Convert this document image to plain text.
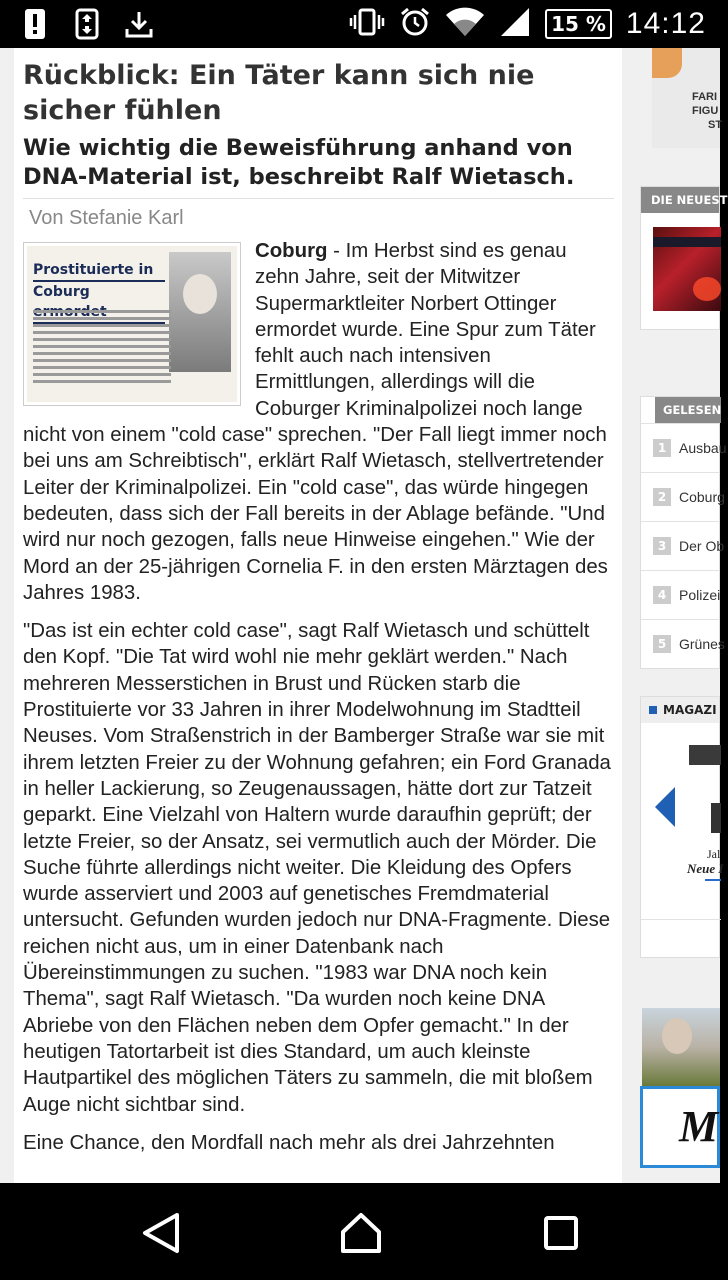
15 % 14:12
Rückblick: Ein Täter kann sich nie sicher fühlen
Wie wichtig die Beweisführung anhand von DNA-Material ist, beschreibt Ralf Wietasch.
Von Stefanie Karl
Prostituierte in
Coburg

Coburg - Im Herbst sind es genau zehn Jahre, seit der Mitwitzer Supermarktleiter Norbert Ottinger ermordet wurde. Eine Spur zum Täter fehlt auch nach intensiven Ermittlungen, allerdings will die Coburger Kriminalpolizei noch lange nicht von einem "cold case" sprechen. "Der Fall liegt immer noch bei uns am Schreibtisch", erklärt Ralf Wietasch, stellvertretender Leiter der Kriminalpolizei. Ein "cold case", das würde hingegen bedeuten, dass sich der Fall bereits in der Ablage befände. "Und wird nur noch gezogen, falls neue Hinweise eingehen." Wie der Mord an der 25-jährigen Cornelia F. in den ersten Märztagen des Jahres 1983.

"Das ist ein echter cold case", sagt Ralf Wietasch und schüttelt den Kopf. "Die Tat wird wohl nie mehr geklärt werden." Nach mehreren Messerstichen in Brust und Rücken starb die Prostituierte vor 33 Jahren in ihrer Modelwohnung im Stadtteil Neuses. Vom Straßenstrich in der Bamberger Straße war sie mit ihrem letzten Freier zu der Wohnung gefahren; ein Ford Granada in heller Lackierung, so Zeugenaussagen, hätte dort zur Tatzeit geparkt. Eine Vielzahl von Haltern wurde daraufhin geprüft; der letzte Freier, so der Ansatz, sei vermutlich auch der Mörder. Die Suche führte allerdings nicht weiter. Die Kleidung des Opfers wurde asserviert und 2003 auf genetisches Fremdmaterial untersucht. Gefunden wurden jedoch nur DNA-Fragmente. Diese reichen nicht aus, um in einer Datenbank nach Übereinstimmungen zu suchen. "1983 war DNA noch kein Thema", sagt Ralf Wietasch. "Da wurden noch keine DNA Abriebe von den Flächen neben dem Opfer gemacht." In der heutigen Tatortarbeit ist dies Standard, um auch kleinste Hautpartikel des möglichen Täters zu sammeln, die mit bloßem Auge nicht sichtbar sind.

Eine Chance, den Mordfall nach mehr als drei Jahrzehnten

FARI
FIGU
ST
DIE NEUEST
GELESEN
1 Ausbau
2 Coburg
3 Der Ob
4 Polizei
5 Grünes
MAGAZI
Jal
Neue I
M
